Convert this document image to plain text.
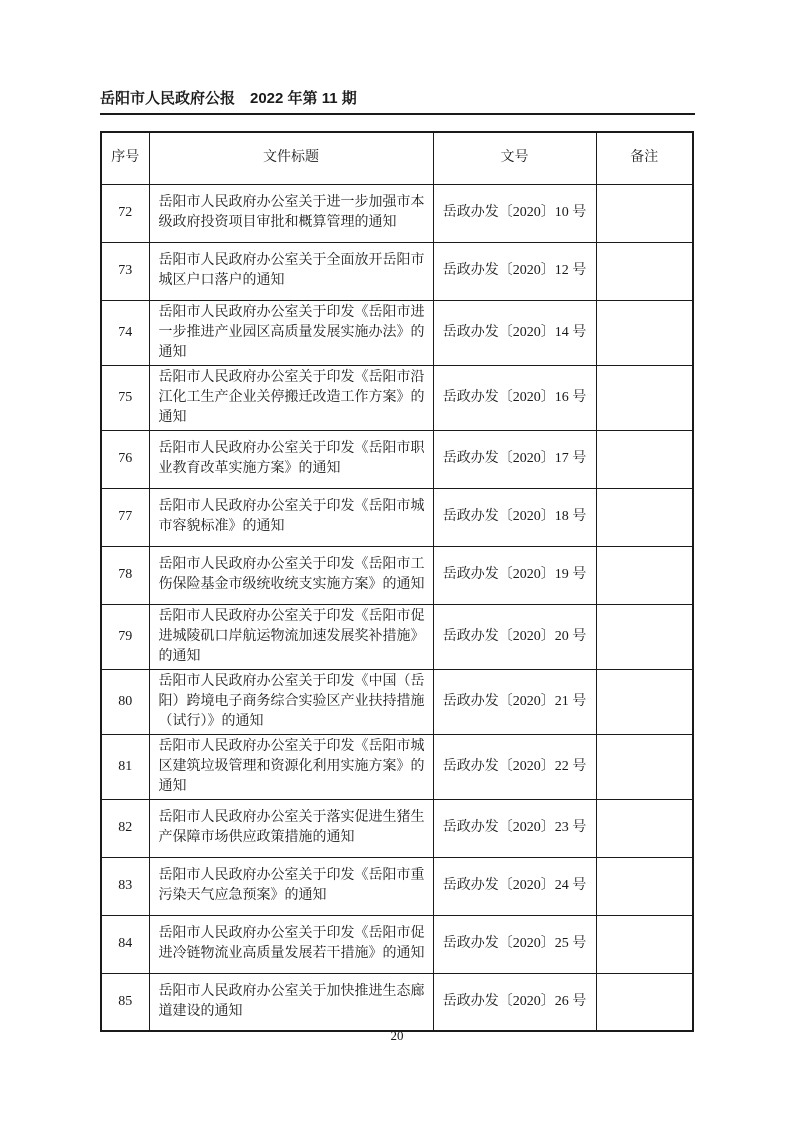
岳阳市人民政府公报　2022 年第 11 期
序号	文件标题	文号	备注
72	岳阳市人民政府办公室关于进一步加强市本级政府投资项目审批和概算管理的通知	岳政办发〔2020〕10 号	
73	岳阳市人民政府办公室关于全面放开岳阳市城区户口落户的通知	岳政办发〔2020〕12 号	
74	岳阳市人民政府办公室关于印发《岳阳市进一步推进产业园区高质量发展实施办法》的通知	岳政办发〔2020〕14 号	
75	岳阳市人民政府办公室关于印发《岳阳市沿江化工生产企业关停搬迁改造工作方案》的通知	岳政办发〔2020〕16 号	
76	岳阳市人民政府办公室关于印发《岳阳市职业教育改革实施方案》的通知	岳政办发〔2020〕17 号	
77	岳阳市人民政府办公室关于印发《岳阳市城市容貌标准》的通知	岳政办发〔2020〕18 号	
78	岳阳市人民政府办公室关于印发《岳阳市工伤保险基金市级统收统支实施方案》的通知	岳政办发〔2020〕19 号	
79	岳阳市人民政府办公室关于印发《岳阳市促进城陵矶口岸航运物流加速发展奖补措施》的通知	岳政办发〔2020〕20 号	
80	岳阳市人民政府办公室关于印发《中国（岳阳）跨境电子商务综合实验区产业扶持措施（试行）》的通知	岳政办发〔2020〕21 号	
81	岳阳市人民政府办公室关于印发《岳阳市城区建筑垃圾管理和资源化利用实施方案》的通知	岳政办发〔2020〕22 号	
82	岳阳市人民政府办公室关于落实促进生猪生产保障市场供应政策措施的通知	岳政办发〔2020〕23 号	
83	岳阳市人民政府办公室关于印发《岳阳市重污染天气应急预案》的通知	岳政办发〔2020〕24 号	
84	岳阳市人民政府办公室关于印发《岳阳市促进冷链物流业高质量发展若干措施》的通知	岳政办发〔2020〕25 号	
85	岳阳市人民政府办公室关于加快推进生态廊道建设的通知	岳政办发〔2020〕26 号	
20
